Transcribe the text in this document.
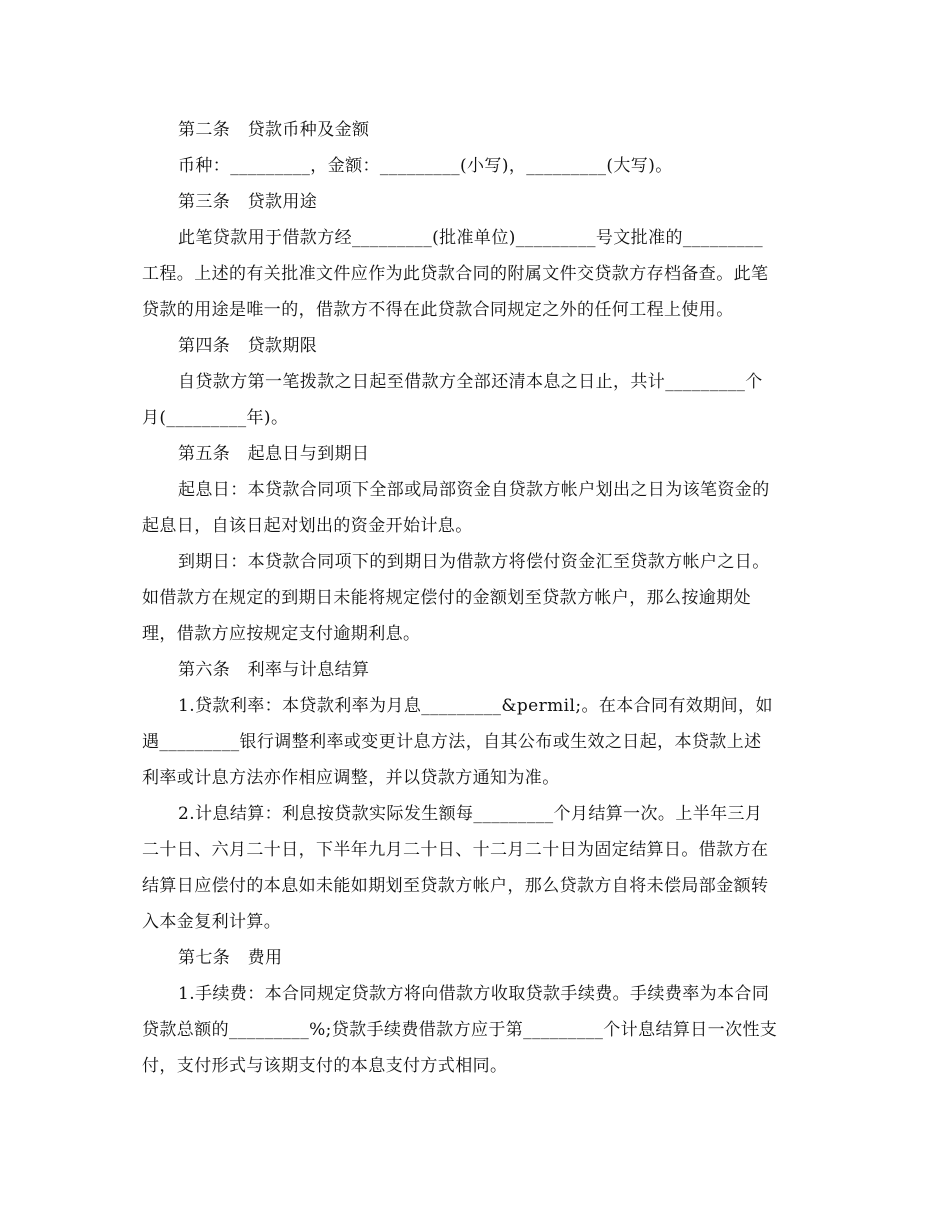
第二条　贷款币种及金额

币种：_________，金额：_________(小写)，_________(大写)。

第三条　贷款用途

此笔贷款用于借款方经_________(批准单位)_________号文批准的_________

工程。上述的有关批准文件应作为此贷款合同的附属文件交贷款方存档备查。此笔

贷款的用途是唯一的，借款方不得在此贷款合同规定之外的任何工程上使用。

第四条　贷款期限

自贷款方第一笔拨款之日起至借款方全部还清本息之日止，共计_________个

月(_________年)。

第五条　起息日与到期日

起息日：本贷款合同项下全部或局部资金自贷款方帐户划出之日为该笔资金的

起息日，自该日起对划出的资金开始计息。

到期日：本贷款合同项下的到期日为借款方将偿付资金汇至贷款方帐户之日。

如借款方在规定的到期日未能将规定偿付的金额划至贷款方帐户，那么按逾期处

理，借款方应按规定支付逾期利息。

第六条　利率与计息结算

1.贷款利率：本贷款利率为月息_________&permil;。在本合同有效期间，如

遇_________银行调整利率或变更计息方法，自其公布或生效之日起，本贷款上述

利率或计息方法亦作相应调整，并以贷款方通知为准。

2.计息结算：利息按贷款实际发生额每_________个月结算一次。上半年三月

二十日、六月二十日，下半年九月二十日、十二月二十日为固定结算日。借款方在

结算日应偿付的本息如未能如期划至贷款方帐户，那么贷款方自将未偿局部金额转

入本金复利计算。

第七条　费用

1.手续费：本合同规定贷款方将向借款方收取贷款手续费。手续费率为本合同

贷款总额的_________%;贷款手续费借款方应于第_________个计息结算日一次性支

付，支付形式与该期支付的本息支付方式相同。
